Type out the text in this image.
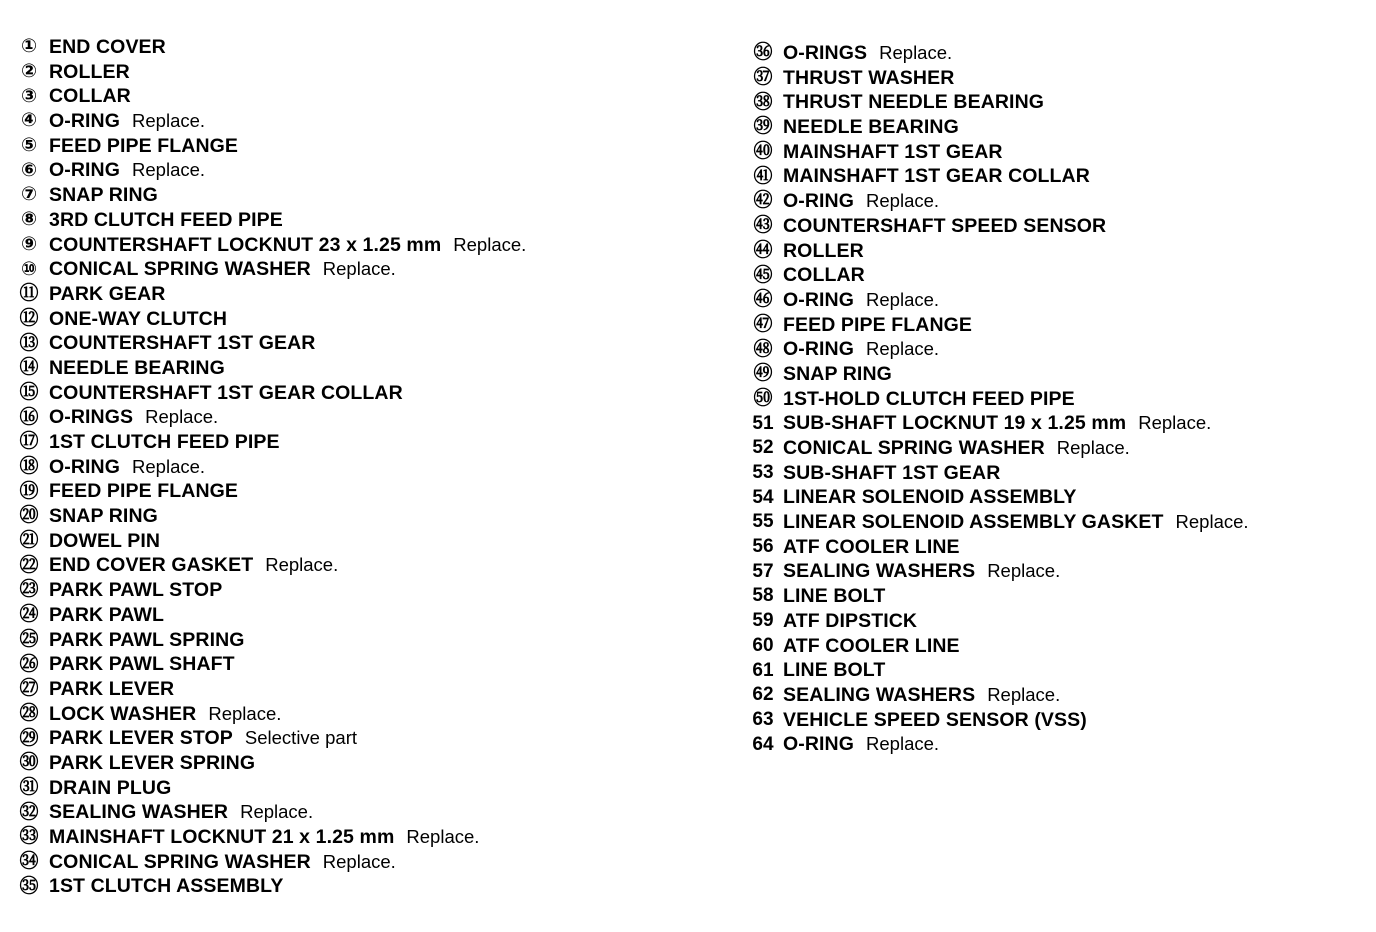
① END COVER
② ROLLER
③ COLLAR
④ O-RING Replace.
⑤ FEED PIPE FLANGE
⑥ O-RING Replace.
⑦ SNAP RING
⑧ 3RD CLUTCH FEED PIPE
⑨ COUNTERSHAFT LOCKNUT 23 x 1.25 mm Replace.
⑩ CONICAL SPRING WASHER Replace.
⑪ PARK GEAR
⑫ ONE-WAY CLUTCH
⑬ COUNTERSHAFT 1ST GEAR
⑭ NEEDLE BEARING
⑮ COUNTERSHAFT 1ST GEAR COLLAR
⑯ O-RINGS Replace.
⑰ 1ST CLUTCH FEED PIPE
⑱ O-RING Replace.
⑲ FEED PIPE FLANGE
⑳ SNAP RING
㉑ DOWEL PIN
㉒ END COVER GASKET Replace.
㉓ PARK PAWL STOP
㉔ PARK PAWL
㉕ PARK PAWL SPRING
㉖ PARK PAWL SHAFT
㉗ PARK LEVER
㉘ LOCK WASHER Replace.
㉙ PARK LEVER STOP Selective part
㉚ PARK LEVER SPRING
㉛ DRAIN PLUG
㉜ SEALING WASHER Replace.
㉝ MAINSHAFT LOCKNUT 21 x 1.25 mm Replace.
㉞ CONICAL SPRING WASHER Replace.
㉟ 1ST CLUTCH ASSEMBLY
㊱ O-RINGS Replace.
㊲ THRUST WASHER
㊳ THRUST NEEDLE BEARING
㊴ NEEDLE BEARING
㊵ MAINSHAFT 1ST GEAR
㊶ MAINSHAFT 1ST GEAR COLLAR
㊷ O-RING Replace.
㊸ COUNTERSHAFT SPEED SENSOR
㊹ ROLLER
㊺ COLLAR
㊻ O-RING Replace.
㊼ FEED PIPE FLANGE
㊽ O-RING Replace.
㊾ SNAP RING
㊿ 1ST-HOLD CLUTCH FEED PIPE
51 SUB-SHAFT LOCKNUT 19 x 1.25 mm Replace.
52 CONICAL SPRING WASHER Replace.
53 SUB-SHAFT 1ST GEAR
54 LINEAR SOLENOID ASSEMBLY
55 LINEAR SOLENOID ASSEMBLY GASKET Replace.
56 ATF COOLER LINE
57 SEALING WASHERS Replace.
58 LINE BOLT
59 ATF DIPSTICK
60 ATF COOLER LINE
61 LINE BOLT
62 SEALING WASHERS Replace.
63 VEHICLE SPEED SENSOR (VSS)
64 O-RING Replace.
